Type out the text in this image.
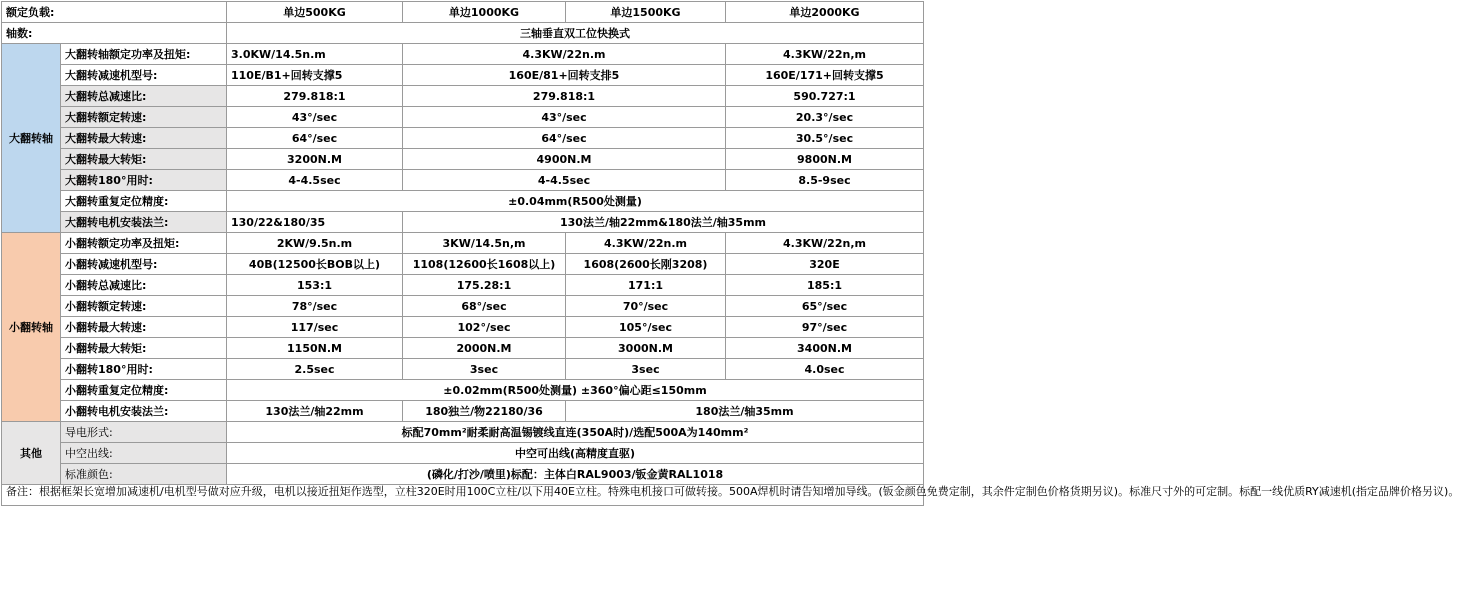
额定负载:		单边500KG	单边1000KG	单边1500KG	单边2000KG
轴数:		三轴垂直双工位快换式			
大翻转轴	大翻转轴额定功率及扭矩:	3.0KW/14.5n.m	4.3KW/22n.m		4.3KW/22n,m
	大翻转减速机型号:	110E/B1+回转支撑5	160E/81+回转支排5		160E/171+回转支撑5
	大翻转总减速比:	279.818:1	279.818:1		590.727:1
	大翻转额定转速:	43°/sec	43°/sec		20.3°/sec
	大翻转最大转速:	64°/sec	64°/sec		30.5°/sec
	大翻转最大转矩:	3200N.M	4900N.M		9800N.M
	大翻转180°用时:	4-4.5sec	4-4.5sec		8.5-9sec
	大翻转重复定位精度:	±0.04mm(R500处测量)			
	大翻转电机安装法兰:	130/22&180/35	130法兰/轴22mm&180法兰/轴35mm		
小翻转轴	小翻转额定功率及扭矩:	2KW/9.5n.m	3KW/14.5n,m	4.3KW/22n.m	4.3KW/22n,m
	小翻转减速机型号:	40B(12500长BOB以上)	1108(12600长1608以上)	1608(2600长刚3208)	320E
	小翻转总减速比:	153:1	175.28:1	171:1	185:1
	小翻转额定转速:	78°/sec	68°/sec	70°/sec	65°/sec
	小翻转最大转速:	117/sec	102°/sec	105°/sec	97°/sec
	小翻转最大转矩:	1150N.M	2000N.M	3000N.M	3400N.M
	小翻转180°用时:	2.5sec	3sec	3sec	4.0sec
	小翻转重复定位精度:	±0.02mm(R500处测量) ±360°偏心距≤150mm			
	小翻转电机安装法兰:	130法兰/轴22mm	180独兰/物22180/36	180法兰/轴35mm	
其他	导电形式:	标配70mm²耐柔耐高温锡镀线直连(350A时)/选配500A为140mm²			
	中空出线:	中空可出线(高精度直驱)			
	标准颜色:	(磷化/打沙/喷里)标配：主体白RAL9003/钣金黄RAL1018			
备注：根据框架长宽增加减速机/电机型号做对应升级，电机以接近扭矩作选型，立柱320E时用100C立柱/以下用40E立柱。特殊电机接口可做转接。500A焊机时请告知增加导线。(钣金颜色免费定制，其余件定制色价格货期另议)。标准尺寸外的可定制。标配一线优质RY减速机(指定品牌价格另议)。					
